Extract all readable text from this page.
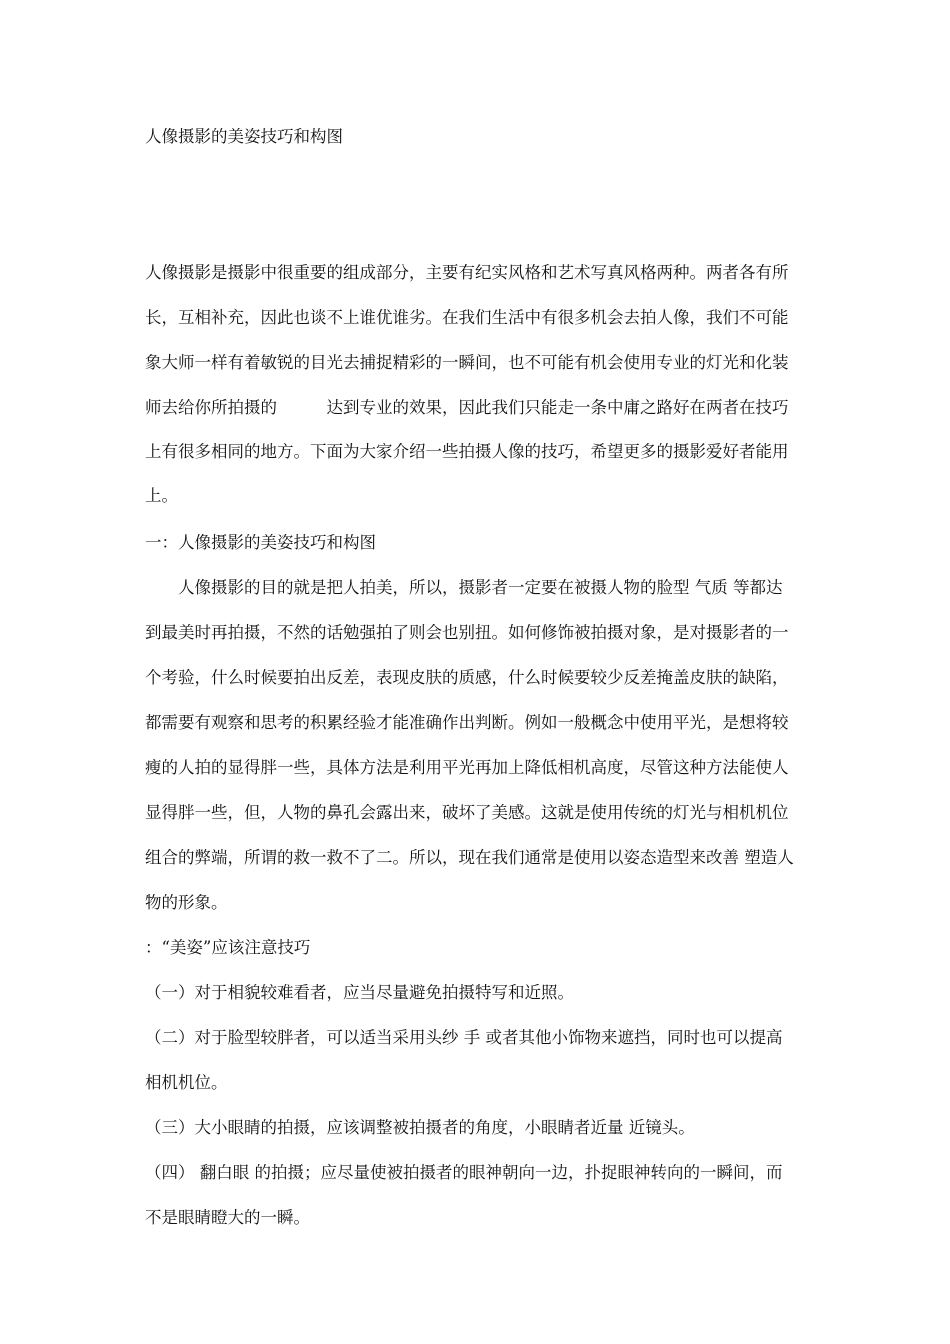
人像摄影的美姿技巧和构图

人像摄影是摄影中很重要的组成部分，主要有纪实风格和艺术写真风格两种。两者各有所

长，互相补充，因此也谈不上谁优谁劣。在我们生活中有很多机会去拍人像，我们不可能

象大师一样有着敏锐的目光去捕捉精彩的一瞬间，也不可能有机会使用专业的灯光和化装

师去给你所拍摄的　　　达到专业的效果，因此我们只能走一条中庸之路好在两者在技巧

上有很多相同的地方。下面为大家介绍一些拍摄人像的技巧，希望更多的摄影爱好者能用

上。

一：人像摄影的美姿技巧和构图

　　人像摄影的目的就是把人拍美，所以，摄影者一定要在被摄人物的脸型 气质 等都达

到最美时再拍摄，不然的话勉强拍了则会也别扭。如何修饰被拍摄对象，是对摄影者的一

个考验，什么时候要拍出反差，表现皮肤的质感，什么时候要较少反差掩盖皮肤的缺陷，

都需要有观察和思考的积累经验才能准确作出判断。例如一般概念中使用平光，是想将较

瘦的人拍的显得胖一些，具体方法是利用平光再加上降低相机高度，尽管这种方法能使人

显得胖一些，但，人物的鼻孔会露出来，破坏了美感。这就是使用传统的灯光与相机机位

组合的弊端，所谓的救一救不了二。所以，现在我们通常是使用以姿态造型来改善 塑造人

物的形象。

：“美姿”应该注意技巧

（一）对于相貌较难看者，应当尽量避免拍摄特写和近照。

（二）对于脸型较胖者，可以适当采用头纱 手 或者其他小饰物来遮挡，同时也可以提高

相机机位。

（三）大小眼睛的拍摄，应该调整被拍摄者的角度，小眼睛者近量 近镜头。

（四） 翻白眼 的拍摄；应尽量使被拍摄者的眼神朝向一边，扑捉眼神转向的一瞬间，而

不是眼睛瞪大的一瞬。
